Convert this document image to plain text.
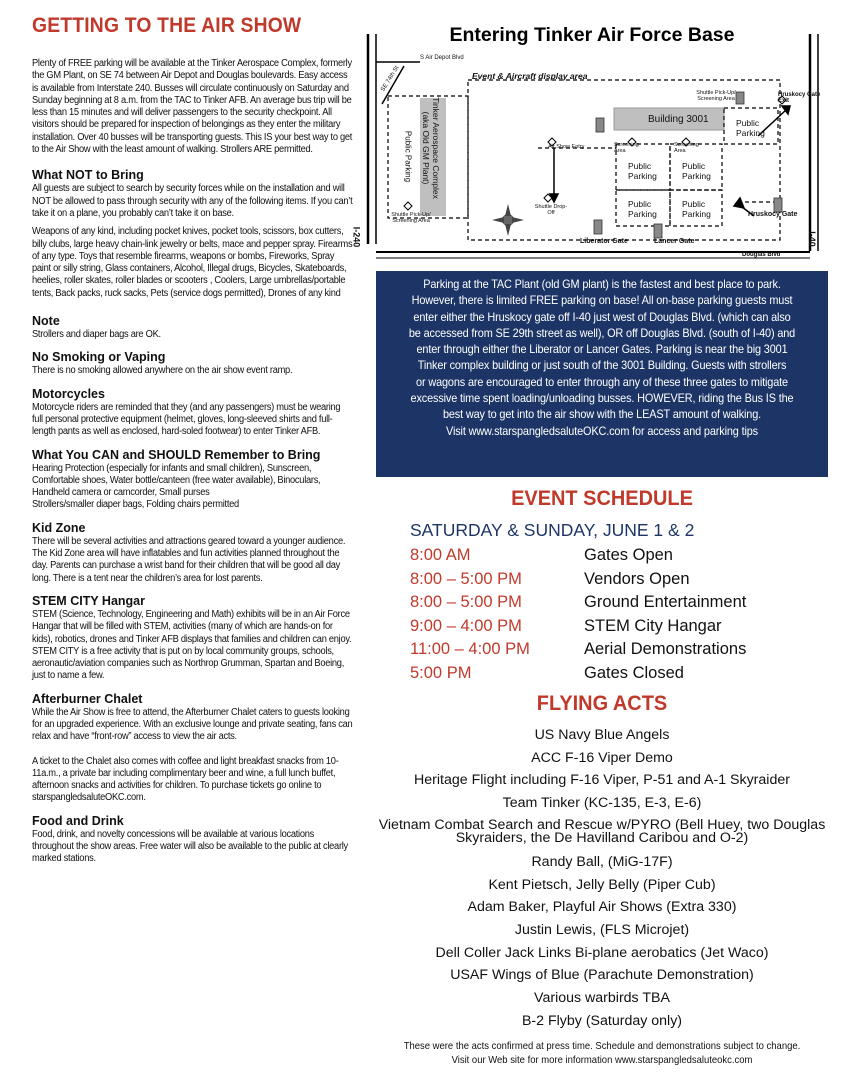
GETTING TO THE AIR SHOW

Plenty of FREE parking will be available at the Tinker Aerospace Complex, formerly the GM Plant, on SE 74 between Air Depot and Douglas boulevards. Easy access is available from Interstate 240. Busses will circulate continuously on Saturday and Sunday beginning at 8 a.m. from the TAC to Tinker AFB. An average bus trip will be less than 15 minutes and will deliver passengers to the security checkpoint. All visitors should be prepared for inspection of belongings as they enter the military installation. Over 40 busses will be transporting guests. This IS your best way to get to the Air Show with the least amount of walking. Strollers ARE permitted.

What NOT to Bring

All guests are subject to search by security forces while on the installation and will NOT be allowed to pass through security with any of the following items. If you can’t take it on a plane, you probably can’t take it on base.

Weapons of any kind, including pocket knives, pocket tools, scissors, box cutters, billy clubs, large heavy chain-link jewelry or belts, mace and pepper spray. Firearms of any type. Toys that resemble firearms, weapons or bombs, Fireworks, Spray paint or silly string, Glass containers, Alcohol, Illegal drugs, Bicycles, Skateboards, heelies, roller skates, roller blades or scooters , Coolers, Large umbrellas/portable tents, Back packs, ruck sacks, Pets (service dogs permitted), Drones of any kind

Note

Strollers and diaper bags are OK.

No Smoking or Vaping

There is no smoking allowed anywhere on the air show event ramp.

Motorcycles

Motorcycle riders are reminded that they (and any passengers) must be wearing full personal protective equipment (helmet, gloves, long-sleeved shirts and full-length pants as well as enclosed, hard-soled footwear) to enter Tinker AFB.

What You CAN and SHOULD Remember to Bring

Hearing Protection (especially for infants and small children), Sunscreen, Comfortable shoes, Water bottle/canteen (free water available), Binoculars, Handheld camera or camcorder, Small purses

Strollers/smaller diaper bags, Folding chairs permitted

Kid Zone

There will be several activities and attractions geared toward a younger audience. The Kid Zone area will have inflatables and fun activities planned throughout the day. Parents can purchase a wrist band for their children that will be good all day long. There is a tent near the children’s area for lost parents.

STEM CITY Hangar

STEM (Science, Technology, Engineering and Math) exhibits will be in an Air Force Hangar that will be filled with STEM, activities (many of which are hands-on for kids), robotics, drones and Tinker AFB displays that families and children can enjoy. STEM CITY is a free activity that is put on by local community groups, schools, aeronautic/aviation companies such as Northrop Grumman, Spartan and Boeing, just to name a few.

Afterburner Chalet

While the Air Show is free to attend, the Afterburner Chalet caters to guests looking for an upgraded experience. With an exclusive lounge and private seating, fans can relax and have “front-row” access to view the air acts.

A ticket to the Chalet also comes with coffee and light breakfast snacks from 10-11a.m., a private bar including complimentary beer and wine, a full lunch buffet, afternoon snacks and activities for children. To purchase tickets go online to starspangledsaluteOKC.com.

Food and Drink

Food, drink, and novelty concessions will be available at various locations throughout the show areas. Free water will also be available to the public at clearly marked stations.

Entering Tinker Air Force Base
S Air Depot Blvd
SE 74th St	Event & Aircraft display area
Tinker Aerospace Complex
(aka Old GM Plant)
Public Parking
Building 3001
Air Show Entry	Screening Area
Screening Area
Shuttle Pick-Up/ Screening Area
Hruskocy Gate Exit
Public Parking
Public Parking
Public Parking
Public Parking
Public Parking
Shuttle Drop-Off
Shuttle Pick-Up/ Screening Area
I-240	I-40
Liberator Gate	Lancer Gate
Hruskocy Gate
Douglas Blvd
Parking at the TAC Plant (old GM plant) is the fastest and best place to park.
However, there is limited FREE parking on base! All on-base parking guests must
enter either the Hruskocy gate off I-40 just west of Douglas Blvd. (which can also
be accessed from SE 29th street as well), OR off Douglas Blvd. (south of I-40) and
enter through either the Liberator or Lancer Gates. Parking is near the big 3001
Tinker complex building or just south of the 3001 Building. Guests with strollers
or wagons are encouraged to enter through any of these three gates to mitigate
excessive time spent loading/unloading busses. HOWEVER, riding the Bus IS the
best way to get into the air show with the LEAST amount of walking.
Visit www.starspangledsaluteOKC.com for access and parking tips
EVENT SCHEDULE
SATURDAY & SUNDAY, JUNE 1 & 2
8:00 AM	Gates Open
8:00 – 5:00 PM	Vendors Open
8:00 – 5:00 PM	Ground Entertainment
9:00 – 4:00 PM	STEM City Hangar
11:00 – 4:00 PM	Aerial Demonstrations
5:00 PM	Gates Closed
FLYING ACTS
US Navy Blue Angels
ACC F-16 Viper Demo
Heritage Flight including F-16 Viper, P-51 and A-1 Skyraider
Team Tinker (KC-135, E-3, E-6)
Vietnam Combat Search and Rescue w/PYRO (Bell Huey, two Douglas Skyraiders, the De Havilland Caribou and O-2)
Randy Ball, (MiG-17F)
Kent Pietsch, Jelly Belly (Piper Cub)
Adam Baker, Playful Air Shows (Extra 330)
Justin Lewis, (FLS Microjet)
Dell Coller Jack Links Bi-plane aerobatics (Jet Waco)
USAF Wings of Blue (Parachute Demonstration)
Various warbirds TBA
B-2 Flyby (Saturday only)
These were the acts confirmed at press time. Schedule and demonstrations subject to change.
Visit our Web site for more information www.starspangledsaluteokc.com
